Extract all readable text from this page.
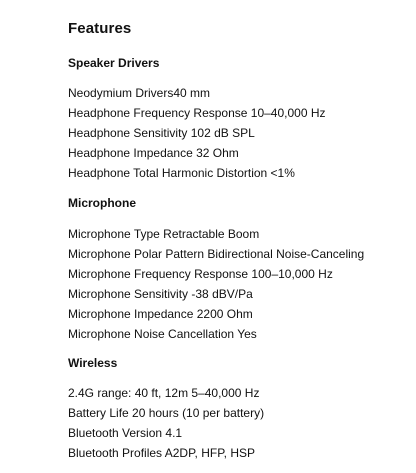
Features
Speaker Drivers
Neodymium Drivers40 mm
Headphone Frequency Response 10–40,000 Hz
Headphone Sensitivity 102 dB SPL
Headphone Impedance 32 Ohm
Headphone Total Harmonic Distortion <1%
Microphone
Microphone Type Retractable Boom
Microphone Polar Pattern Bidirectional Noise-Canceling
Microphone Frequency Response 100–10,000 Hz
Microphone Sensitivity -38 dBV/Pa
Microphone Impedance 2200 Ohm
Microphone Noise Cancellation Yes
Wireless
2.4G range: 40 ft, 12m 5–40,000 Hz
Battery Life 20 hours (10 per battery)
Bluetooth Version 4.1
Bluetooth Profiles A2DP, HFP, HSP
